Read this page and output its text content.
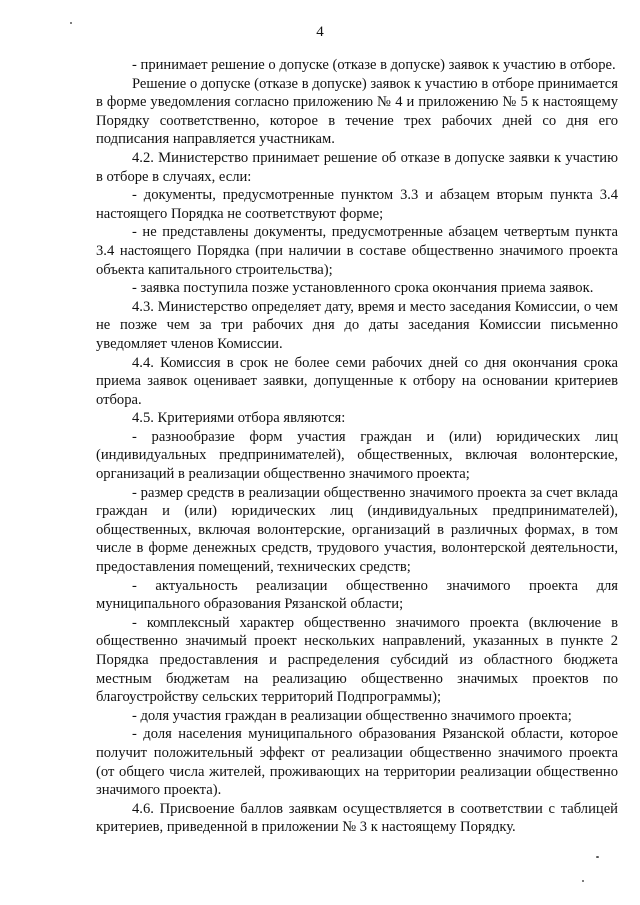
4

- принимает решение о допуске (отказе в допуске) заявок к участию в отборе.

Решение о допуске (отказе в допуске) заявок к участию в отборе принимается в форме уведомления согласно приложению № 4 и приложению № 5 к настоящему Порядку соответственно, которое в течение трех рабочих дней со дня его подписания направляется участникам.

4.2. Министерство принимает решение об отказе в допуске заявки к участию в отборе в случаях, если:

- документы, предусмотренные пунктом 3.3 и абзацем вторым пункта 3.4 настоящего Порядка не соответствуют форме;

- не представлены документы, предусмотренные абзацем четвертым пункта 3.4 настоящего Порядка (при наличии в составе общественно значимого проекта объекта капитального строительства);

- заявка поступила позже установленного срока окончания приема заявок.

4.3. Министерство определяет дату, время и место заседания Комиссии, о чем не позже чем за три рабочих дня до даты заседания Комиссии письменно уведомляет членов Комиссии.

4.4. Комиссия в срок не более семи рабочих дней со дня окончания срока приема заявок оценивает заявки, допущенные к отбору на основании критериев отбора.

4.5. Критериями отбора являются:

- разнообразие форм участия граждан и (или) юридических лиц (индивидуальных предпринимателей), общественных, включая волонтерские, организаций в реализации общественно значимого проекта;

- размер средств в реализации общественно значимого проекта за счет вклада граждан и (или) юридических лиц (индивидуальных предпринимателей), общественных, включая волонтерские, организаций в различных формах, в том числе в форме денежных средств, трудового участия, волонтерской деятельности, предоставления помещений, технических средств;

- актуальность реализации общественно значимого проекта для муниципального образования Рязанской области;

- комплексный характер общественно значимого проекта (включение в общественно значимый проект нескольких направлений, указанных в пункте 2 Порядка предоставления и распределения субсидий из областного бюджета местным бюджетам на реализацию общественно значимых проектов по благоустройству сельских территорий Подпрограммы);

- доля участия граждан в реализации общественно значимого проекта;

- доля населения муниципального образования Рязанской области, которое получит положительный эффект от реализации общественно значимого проекта (от общего числа жителей, проживающих на территории реализации общественно значимого проекта).

4.6. Присвоение баллов заявкам осуществляется в соответствии с таблицей критериев, приведенной в приложении № 3 к настоящему Порядку.
